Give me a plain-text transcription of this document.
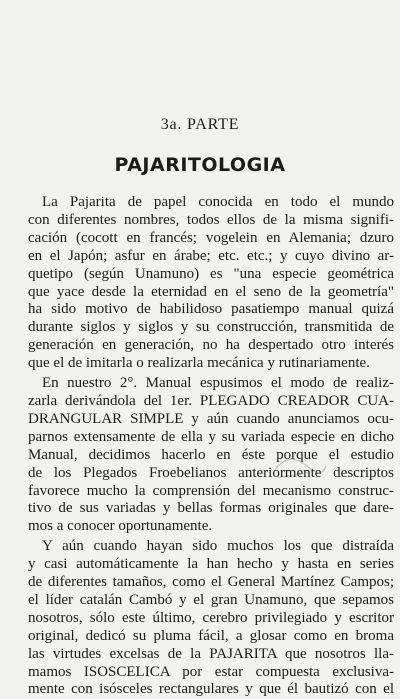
3a. PARTE
PAJARITOLOGIA
La Pajarita de papel conocida en todo el mundo
con diferentes nombres, todos ellos de la misma signifi-
cación (cocott en francés; vogelein en Alemania; dzuro
en el Japón; asfur en árabe; etc. etc.; y cuyo divino ar-
quetipo (según Unamuno) es "una especie geométrica
que yace desde la eternidad en el seno de la geometría"
ha sido motivo de habilidoso pasatiempo manual quizá
durante siglos y siglos y su construcción, transmitida de
generación en generación, no ha despertado otro interés
que el de imitarla o realizarla mecánica y rutinariamente.
En nuestro 2°. Manual espusimos el modo de realiz-
zarla derivándola del 1er. PLEGADO CREADOR CUA-
DRANGULAR SIMPLE y aún cuando anunciamos ocu-
parnos extensamente de ella y su variada especie en dicho
Manual, decidimos hacerlo en éste porque el estudio
de los Plegados Froebelianos anteriormente descriptos
favorece mucho la comprensión del mecanismo construc-
tivo de sus variadas y bellas formas originales que dare-
mos a conocer oportunamente.
Y aún cuando hayan sido muchos los que distraída
y casi automáticamente la han hecho y hasta en series
de diferentes tamaños, como el General Martínez Campos;
el líder catalán Cambó y el gran Unamuno, que sepamos
nosotros, sólo este último, cerebro privilegiado y escritor
original, dedicó su pluma fácil, a glosar como en broma
las virtudes excelsas de la PAJARITA que nosotros lla-
mamos ISOSCELICA por estar compuesta exclusiva-
mente con isósceles rectangulares y que él bautizó con el
